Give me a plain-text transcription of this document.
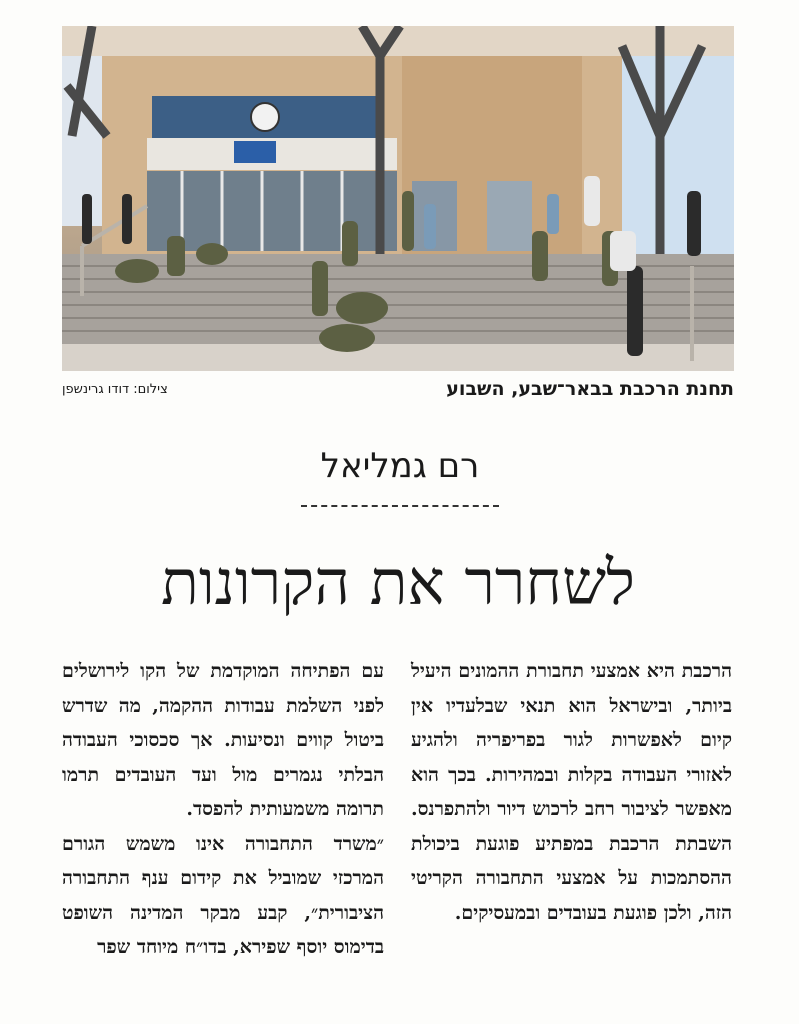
תחנת הרכבת בבאר־שבע, השבוע
צילום: דודו גרינשפן
רם גמליאל
לשחרר את הקרונות
הרכבת היא אמצעי תחבורת ההמונים היעיל ביותר, ובישראל הוא תנאי שבלעדיו אין קיום לאפשרות לגור בפריפריה ולהגיע לאזורי העבודה בקלות ובמהירות. בכך הוא מאפשר לציבור רחב לרכוש דיור ולהתפרנס. השבתת הרכבת במפתיע פוגעת ביכולת ההסתמכות על אמצעי התחבורה הקריטי הזה, ולכן פוגעת בעובדים ובמעסיקים.
עם הפתיחה המוקדמת של הקו לירושלים לפני השלמת עבודות ההקמה, מה שדרש ביטול קווים ונסיעות. אך סכסוכי העבודה הבלתי נגמרים מול ועד העובדים תרמו תרומה משמעותית להפסד.
״משרד התחבורה אינו משמש הגורם המרכזי שמוביל את קידום ענף התחבורה הציבורית״, קבע מבקר המדינה השופט בדימוס יוסף שפירא, בדו״ח מיוחד שפר
